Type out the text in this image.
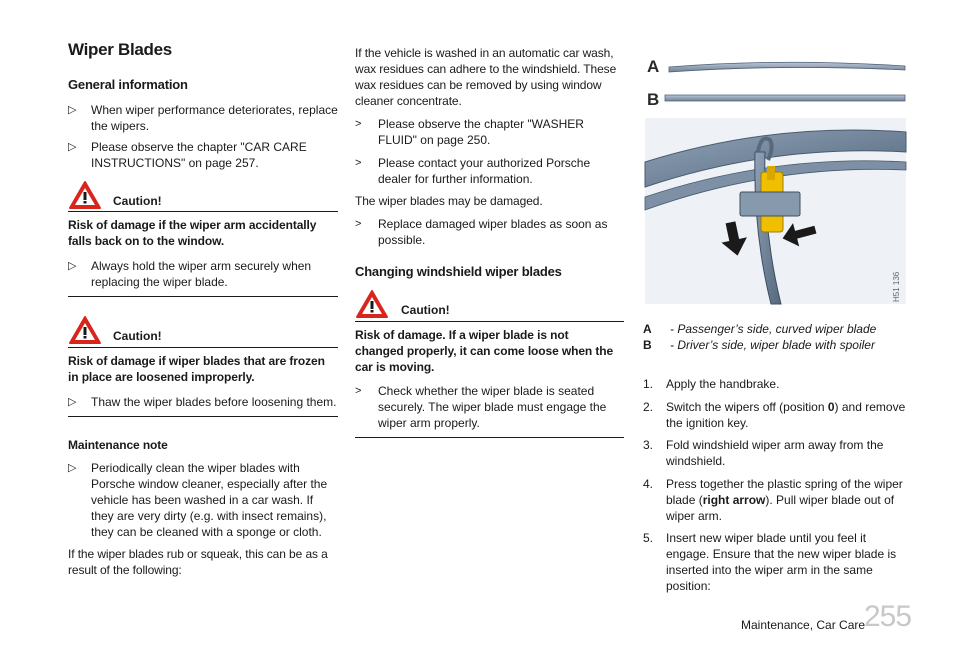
Wiper Blades
General information
▷ When wiper performance deteriorates, replace the wipers.
▷ Please observe the chapter "CAR CARE INSTRUCTIONS" on page 257.
Caution!
Risk of damage if the wiper arm accidentally falls back on to the window.
▷ Always hold the wiper arm securely when replacing the wiper blade.
Caution!
Risk of damage if wiper blades that are frozen in place are loosened improperly.
▷ Thaw the wiper blades before loosening them.
Maintenance note
▷ Periodically clean the wiper blades with Porsche window cleaner, especially after the vehicle has been washed in a car wash. If they are very dirty (e.g. with insect remains), they can be cleaned with a sponge or cloth.
If the wiper blades rub or squeak, this can be as a result of the following:
If the vehicle is washed in an automatic car wash, wax residues can adhere to the windshield. These wax residues can be removed by using window cleaner concentrate.
> Please observe the chapter "WASHER FLUID" on page 250.
> Please contact your authorized Porsche dealer for further information.
The wiper blades may be damaged.
> Replace damaged wiper blades as soon as possible.
Changing windshield wiper blades
Caution!
Risk of damage. If a wiper blade is not changed properly, it can come loose when the car is moving.
> Check whether the wiper blade is seated securely. The wiper blade must engage the wiper arm properly.
A
B
H51 136
A - Passenger’s side, curved wiper blade
B - Driver’s side, wiper blade with spoiler
1. Apply the handbrake.
2. Switch the wipers off (position 0) and remove the ignition key.
3. Fold windshield wiper arm away from the windshield.
4. Press together the plastic spring of the wiper blade (right arrow). Pull wiper blade out of wiper arm.
5. Insert new wiper blade until you feel it engage. Ensure that the new wiper blade is inserted into the wiper arm in the same position:
Maintenance, Car Care
255
